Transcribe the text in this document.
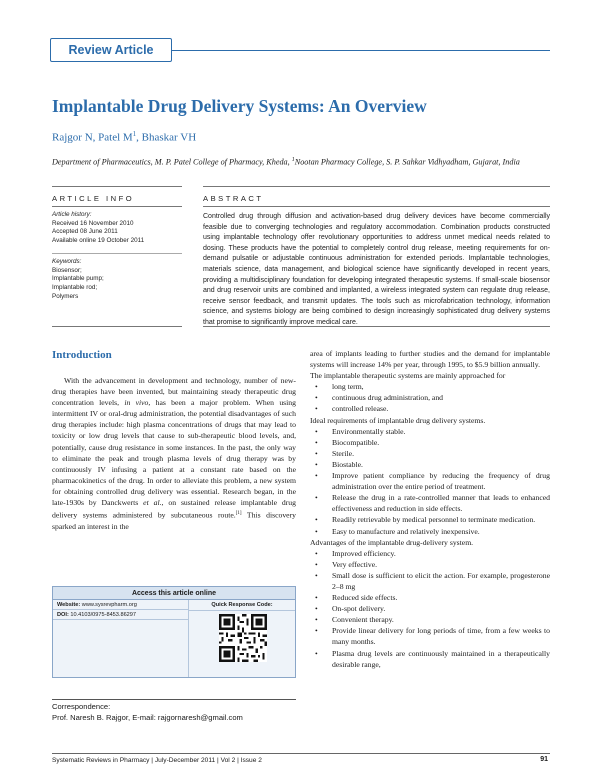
Review Article
Implantable Drug Delivery Systems: An Overview
Rajgor N, Patel $M^1$, Bhaskar VH
Department of Pharmaceutics, M. P. Patel College of Pharmacy, Kheda, $^1$Nootan Pharmacy College, S. P. Sahkar Vidhyadham, Gujarat, India
ARTICLE INFO	ABSTRACT
Article history:
Received 16 November 2010
Accepted 08 June 2011
Available online 19 October 2011
Keywords:
Biosensor;
Implantable pump;
Implantable rod;
Polymers
Controlled drug through diffusion and activation-based drug delivery devices have become commercially feasible due to converging technologies and regulatory accommodation. Combination products constructed using implantable technology offer revolutionary opportunities to address unmet medical needs related to dosing. These products have the potential to completely control drug release, meeting requirements for on-demand pulsatile or adjustable continuous administration for extended periods. Implantable technologies, materials science, data management, and biological science have significantly developed in recent years, providing a multidisciplinary foundation for developing integrated therapeutic systems. If small-scale biosensor and drug reservoir units are combined and implanted, a wireless integrated system can regulate drug release, receive sensor feedback, and transmit updates. The tools such as microfabrication technology, information science, and systems biology are being combined to design increasingly sophisticated drug delivery systems that promise to significantly improve medical care.
Introduction
With the advancement in development and technology, number of new-drug therapies have been invented, but maintaining steady therapeutic drug concentration levels, in vivo, has been a major problem. When using intermittent IV or oral-drug administration, the potential disadvantages of such drug therapies include: high plasma concentrations of drugs that may lead to toxicity or low drug levels that cause to sub-therapeutic blood levels, and, potentially, cause drug resistance in some instances. In the past, the only way to eliminate the peak and trough plasma levels of drug therapy was by continuously IV infusing a patient at a constant rate based on the pharmacokinetics of the drug. In order to alleviate this problem, a new system for obtaining controlled drug delivery was essential. Research began, in the late-1930s by Danckwerts et al., on sustained release implantable drug delivery systems administered by subcutaneous route.[1] This discovery sparked an interest in the
Access this article online
Website: www.sysrevpharm.org
DOI: 10.4103/0975-8453.86297
Quick Response Code:
Correspondence:
Prof. Naresh B. Rajgor, E-mail: rajgornaresh@gmail.com

area of implants leading to further studies and the demand for implantable systems will increase 14% per year, through 1995, to $5.9 billion annually.

The implantable therapeutic systems are mainly approached for

• long term,
• continuous drug administration, and
• controlled release.

Ideal requirements of implantable drug delivery systems.

• Environmentally stable.
• Biocompatible.
• Sterile.
• Biostable.
• Improve patient compliance by reducing the frequency of drug administration over the entire period of treatment.
• Release the drug in a rate-controlled manner that leads to enhanced effectiveness and reduction in side effects.
• Readily retrievable by medical personnel to terminate medication.
• Easy to manufacture and relatively inexpensive.

Advantages of the implantable drug-delivery system.

• Improved efficiency.
• Very effective.
• Small dose is sufficient to elicit the action. For example, progesterone 2–8 mg
• Reduced side effects.
• On-spot delivery.
• Convenient therapy.
• Provide linear delivery for long periods of time, from a few weeks to many months.
• Plasma drug levels are continuously maintained in a therapeutically desirable range,
Systematic Reviews in Pharmacy | July-December 2011 | Vol 2 | Issue 2	91
